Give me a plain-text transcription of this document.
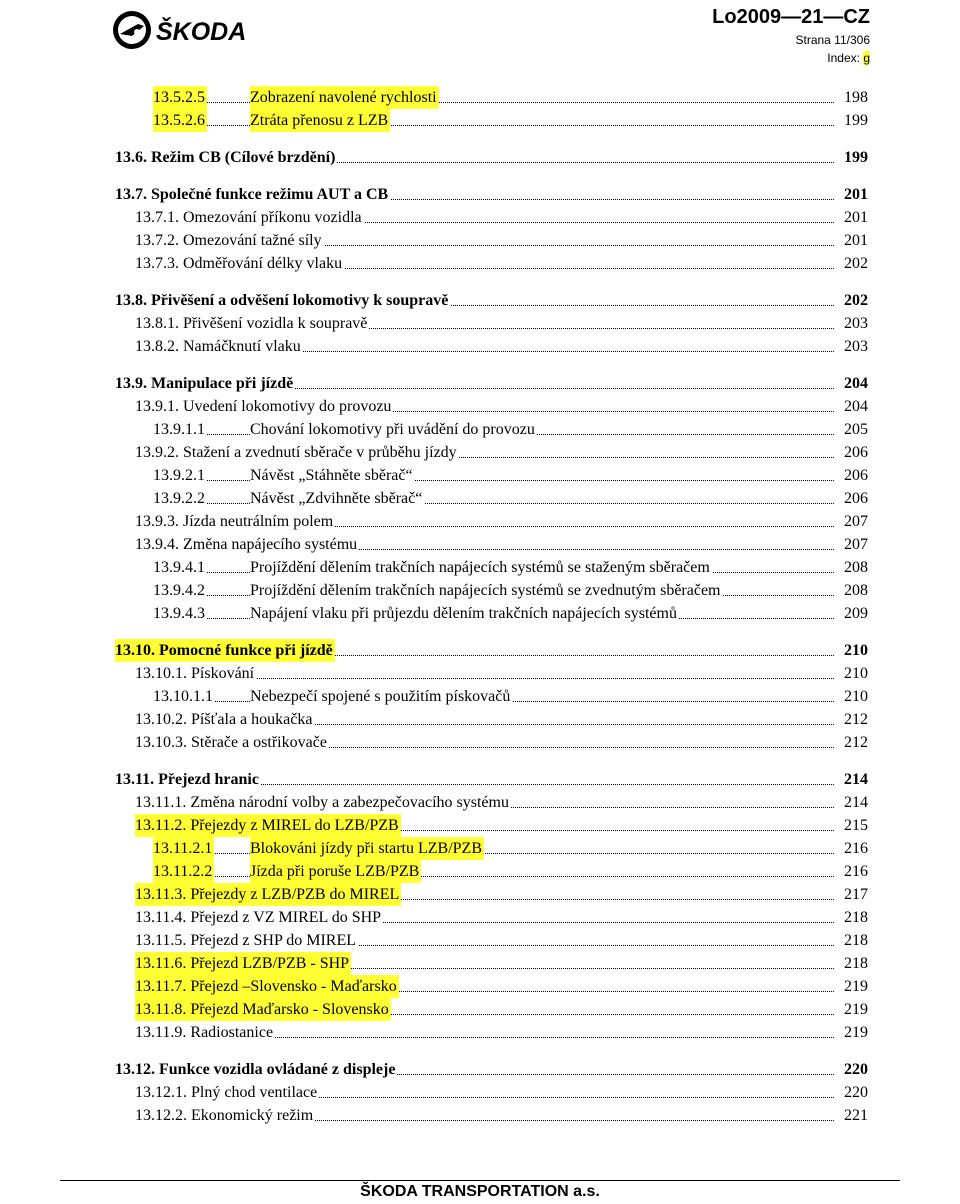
ŠKODA
Lo2009—21—CZ
Strana 11/306
Index: g
13.5.2.5	Zobrazení navolené rychlosti	198
13.5.2.6	Ztráta přenosu z LZB	199
13.6. Režim CB (Cílové brzdění)	199
13.7. Společné funkce režimu AUT a CB	201
13.7.1. Omezování příkonu vozidla	201
13.7.2. Omezování tažné síly	201
13.7.3. Odměřování délky vlaku	202
13.8. Přivěšení a odvěšení lokomotivy k soupravě	202
13.8.1. Přivěšení vozidla k soupravě	203
13.8.2. Namáčknutí vlaku	203
13.9. Manipulace při jízdě	204
13.9.1. Uvedení lokomotivy do provozu	204
13.9.1.1	Chování lokomotivy při uvádění do provozu	205
13.9.2. Stažení a zvednutí sběrače v průběhu jízdy	206
13.9.2.1	Návěst „Stáhněte sběrač“	206
13.9.2.2	Návěst „Zdvihněte sběrač“	206
13.9.3. Jízda neutrálním polem	207
13.9.4. Změna napájecího systému	207
13.9.4.1	Projíždění dělením trakčních napájecích systémů se staženým sběračem	208
13.9.4.2	Projíždění dělením trakčních napájecích systémů se zvednutým sběračem	208
13.9.4.3	Napájení vlaku při průjezdu dělením trakčních napájecích systémů	209
13.10. Pomocné funkce při jízdě	210
13.10.1. Pískování	210
13.10.1.1 Nebezpečí spojené s použitím pískovačů	210
13.10.2. Píšťala a houkačka	212
13.10.3. Stěrače a ostřikovače	212
13.11. Přejezd hranic	214
13.11.1. Změna národní volby a zabezpečovacího systému	214
13.11.2. Přejezdy z MIREL do LZB/PZB	215
13.11.2.1 Blokováni jízdy při startu LZB/PZB	216
13.11.2.2 Jízda při poruše LZB/PZB	216
13.11.3. Přejezdy z LZB/PZB do MIREL	217
13.11.4. Přejezd z VZ MIREL do SHP	218
13.11.5. Přejezd z SHP do MIREL	218
13.11.6. Přejezd LZB/PZB - SHP	218
13.11.7. Přejezd –Slovensko - Maďarsko	219
13.11.8. Přejezd Maďarsko - Slovensko	219
13.11.9. Radiostanice	219
13.12. Funkce vozidla ovládané z displeje	220
13.12.1. Plný chod ventilace	220
13.12.2. Ekonomický režim	221
ŠKODA TRANSPORTATION a.s.
